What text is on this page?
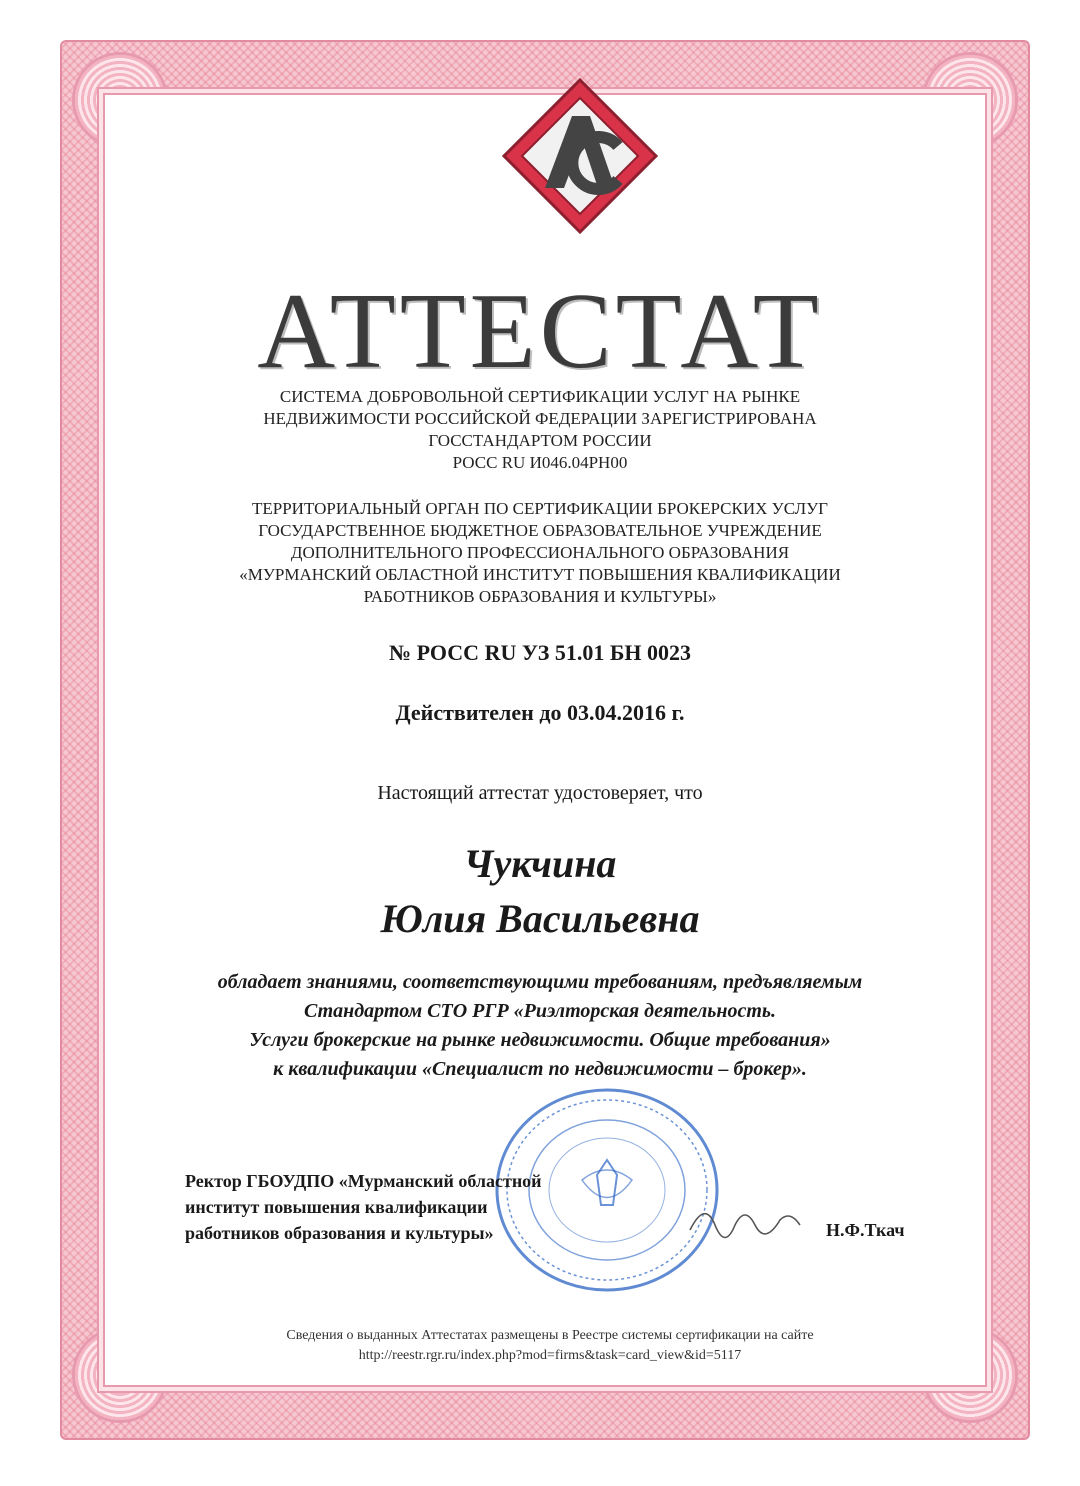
АТТЕСТАТ
СИСТЕМА ДОБРОВОЛЬНОЙ СЕРТИФИКАЦИИ УСЛУГ НА РЫНКЕ
НЕДВИЖИМОСТИ РОССИЙСКОЙ ФЕДЕРАЦИИ ЗАРЕГИСТРИРОВАНА
ГОССТАНДАРТОМ РОССИИ
РОСС RU И046.04РН00
ТЕРРИТОРИАЛЬНЫЙ ОРГАН ПО СЕРТИФИКАЦИИ БРОКЕРСКИХ УСЛУГ
ГОСУДАРСТВЕННОЕ БЮДЖЕТНОЕ ОБРАЗОВАТЕЛЬНОЕ УЧРЕЖДЕНИЕ
ДОПОЛНИТЕЛЬНОГО ПРОФЕССИОНАЛЬНОГО ОБРАЗОВАНИЯ
«МУРМАНСКИЙ ОБЛАСТНОЙ ИНСТИТУТ ПОВЫШЕНИЯ КВАЛИФИКАЦИИ
РАБОТНИКОВ ОБРАЗОВАНИЯ И КУЛЬТУРЫ»
№ РОСС RU УЗ 51.01 БН 0023
Действителен до 03.04.2016 г.
Настоящий аттестат удостоверяет, что
Чукчина
Юлия Васильевна
обладает знаниями, соответствующими требованиям, предъявляемым
Стандартом СТО РГР «Риэлторская деятельность.
Услуги брокерские на рынке недвижимости. Общие требования»
к квалификации «Специалист по недвижимости – брокер».
Ректор ГБОУДПО «Мурманский областной
институт повышения квалификации
работников образования и культуры»	Н.Ф.Ткач
Сведения о выданных Аттестатах размещены в Реестре системы сертификации на сайте
http://reestr.rgr.ru/index.php?mod=firms&task=card_view&id=5117
